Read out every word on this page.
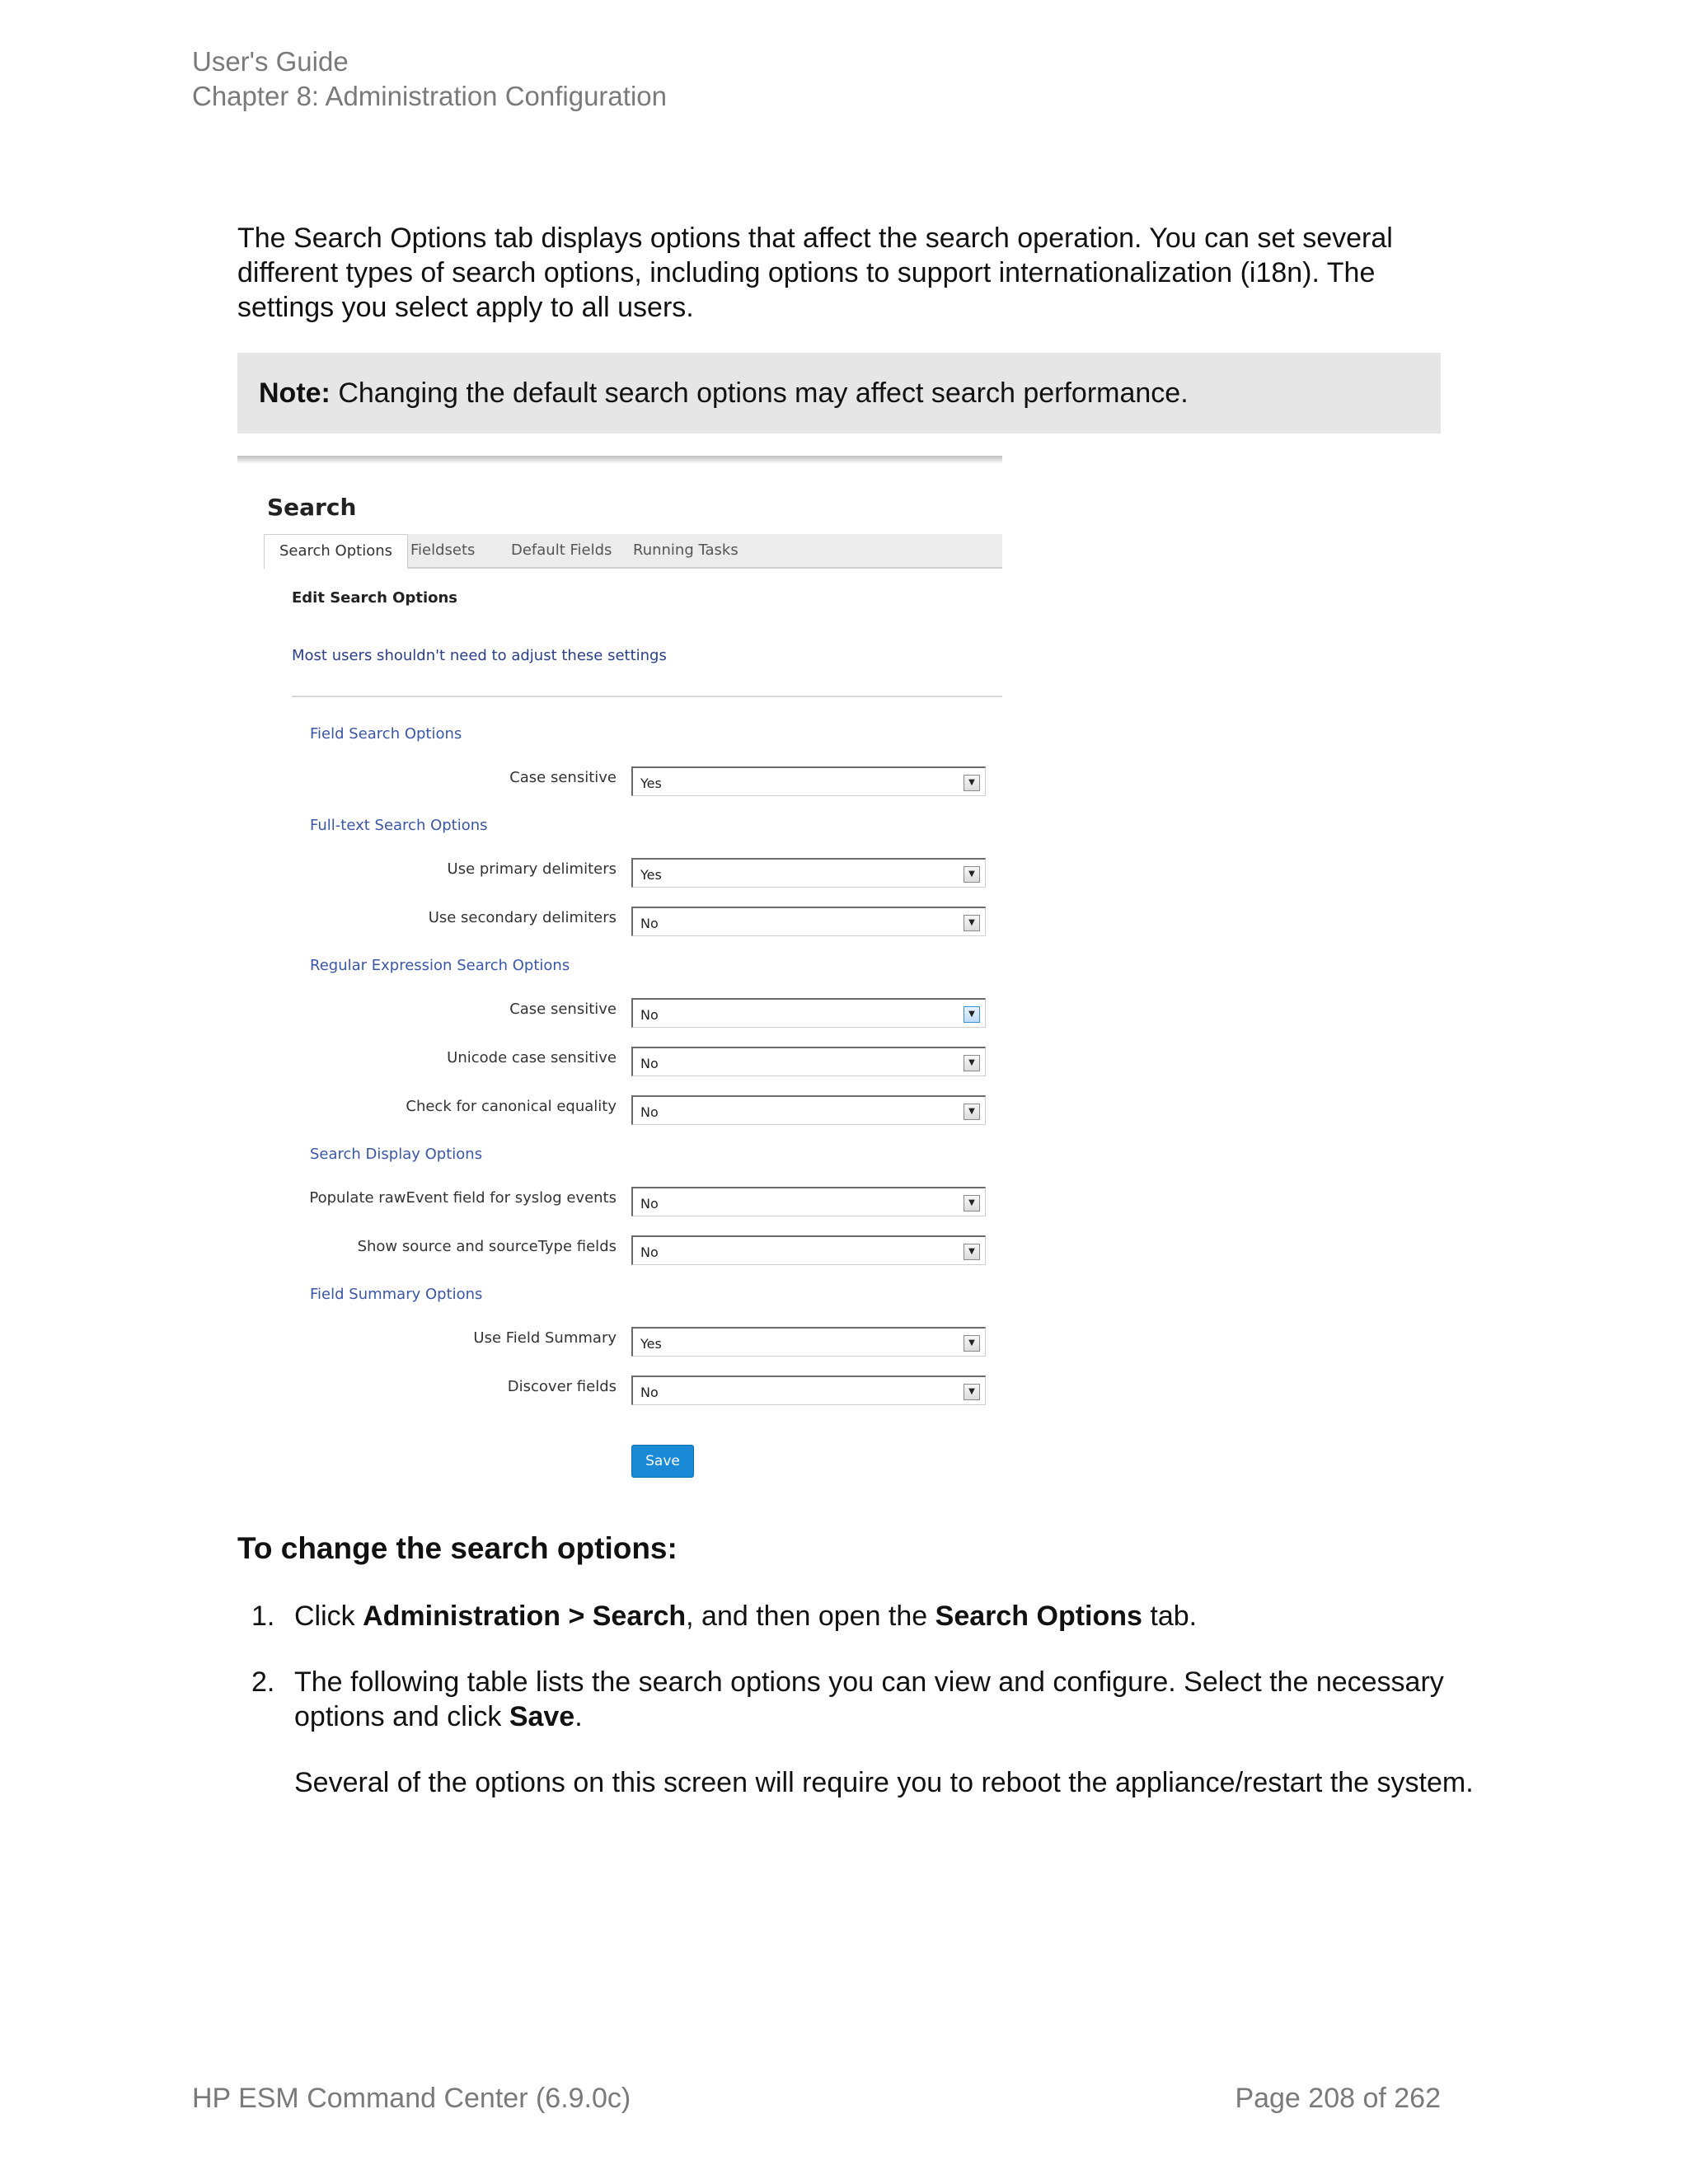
User's Guide
Chapter 8: Administration Configuration
The Search Options tab displays options that affect the search operation. You can set several different types of search options, including options to support internationalization (i18n). The settings you select apply to all users.
Note: Changing the default search options may affect search performance.
Search
Search Options	Fieldsets	Default Fields	Running Tasks
Edit Search Options
Most users shouldn't need to adjust these settings
Field Search Options
Case sensitive Yes	▼
Full-text Search Options
Use primary delimiters Yes	▼
Use secondary delimiters No	▼
Regular Expression Search Options
Case sensitive No	▼
Unicode case sensitive No	▼
Check for canonical equality No	▼
Search Display Options
Populate rawEvent field for syslog events No	▼
Show source and sourceType fields No	▼
Field Summary Options
Use Field Summary Yes	▼
Discover fields No	▼
Save
To change the search options:
1. Click Administration > Search, and then open the Search Options tab.
2. The following table lists the search options you can view and configure. Select the necessary options and click Save.
Several of the options on this screen will require you to reboot the appliance/restart the system.
HP ESM Command Center (6.9.0c)	Page 208 of 262
